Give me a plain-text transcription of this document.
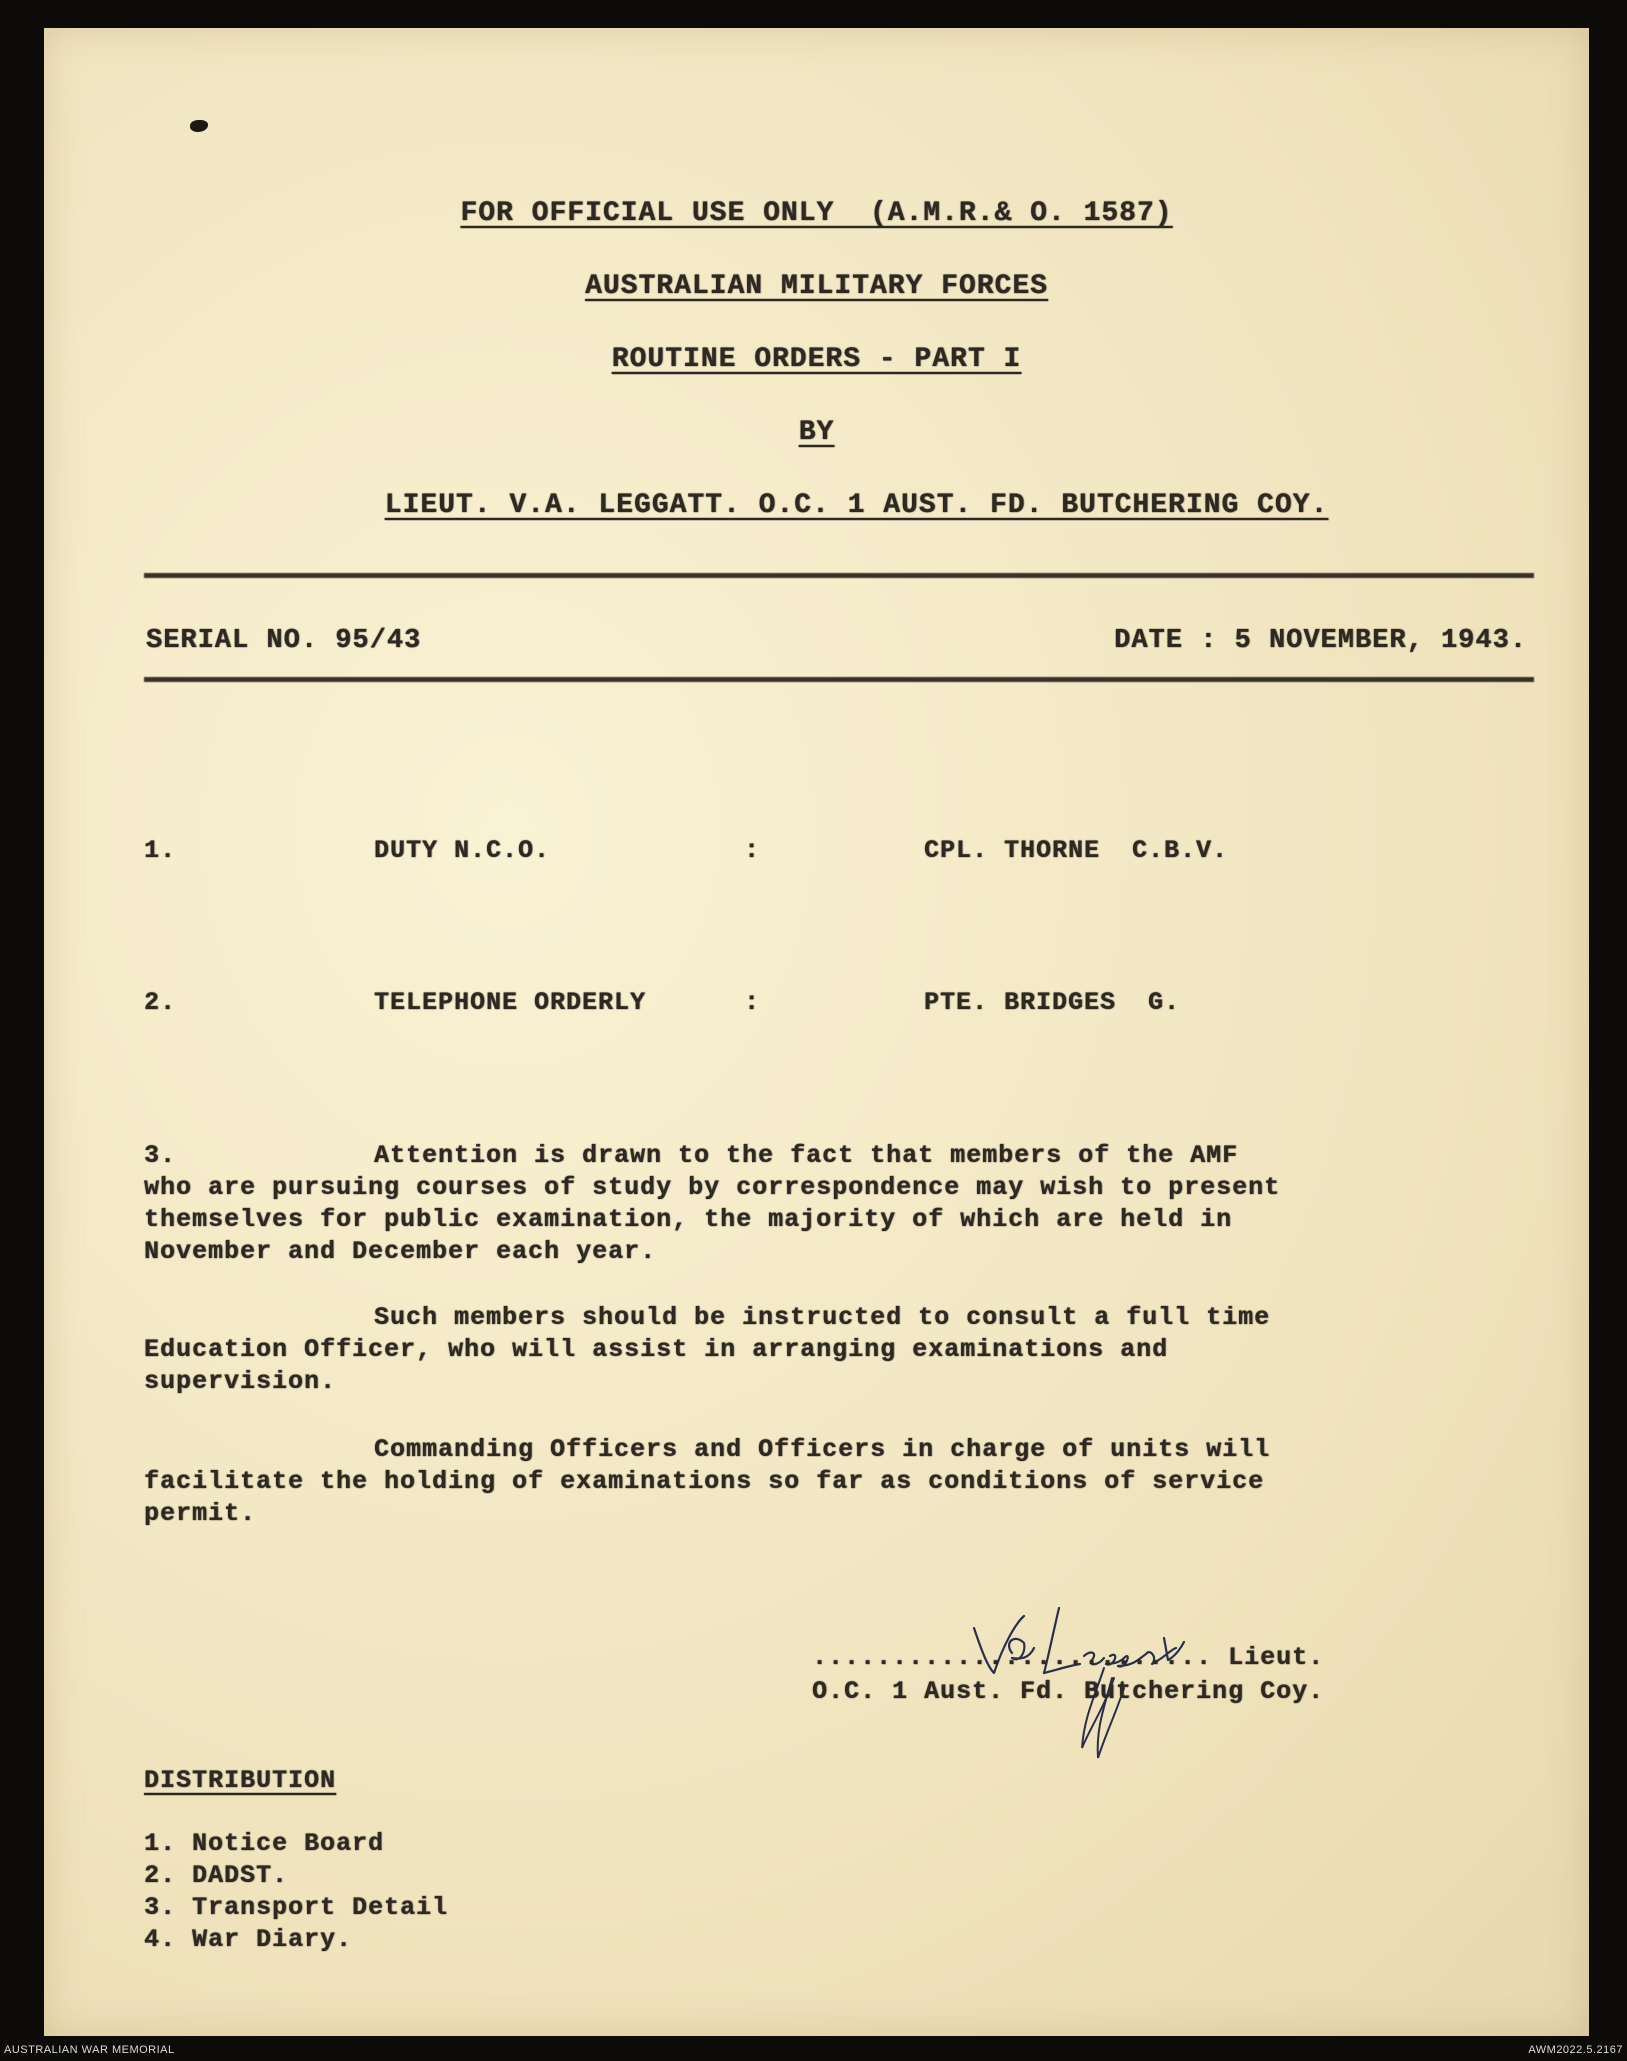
FOR OFFICIAL USE ONLY  (A.M.R.& O. 1587)

AUSTRALIAN MILITARY FORCES

ROUTINE ORDERS - PART I

BY

LIEUT. V.A. LEGGATT. O.C. 1 AUST. FD. BUTCHERING COY.

SERIAL NO. 95/43	DATE : 5 NOVEMBER, 1943.

1.	DUTY N.C.O.	:	CPL. THORNE  C.B.V.

2.	TELEPHONE ORDERLY	:	PTE. BRIDGES  G.

3.	Attention is drawn to the fact that members of the AMF

who are pursuing courses of study by correspondence may wish to present

themselves for public examination, the majority of which are held in

November and December each year.

Such members should be instructed to consult a full time

Education Officer, who will assist in arranging examinations and

supervision.

Commanding Officers and Officers in charge of units will

facilitate the holding of examinations so far as conditions of service

permit.

......................... Lieut.

O.C. 1 Aust. Fd. Butchering Coy.

DISTRIBUTION

1. Notice Board

2. DADST.

3. Transport Detail

4. War Diary.

AUSTRALIAN WAR MEMORIAL	AWM2022.5.2167
